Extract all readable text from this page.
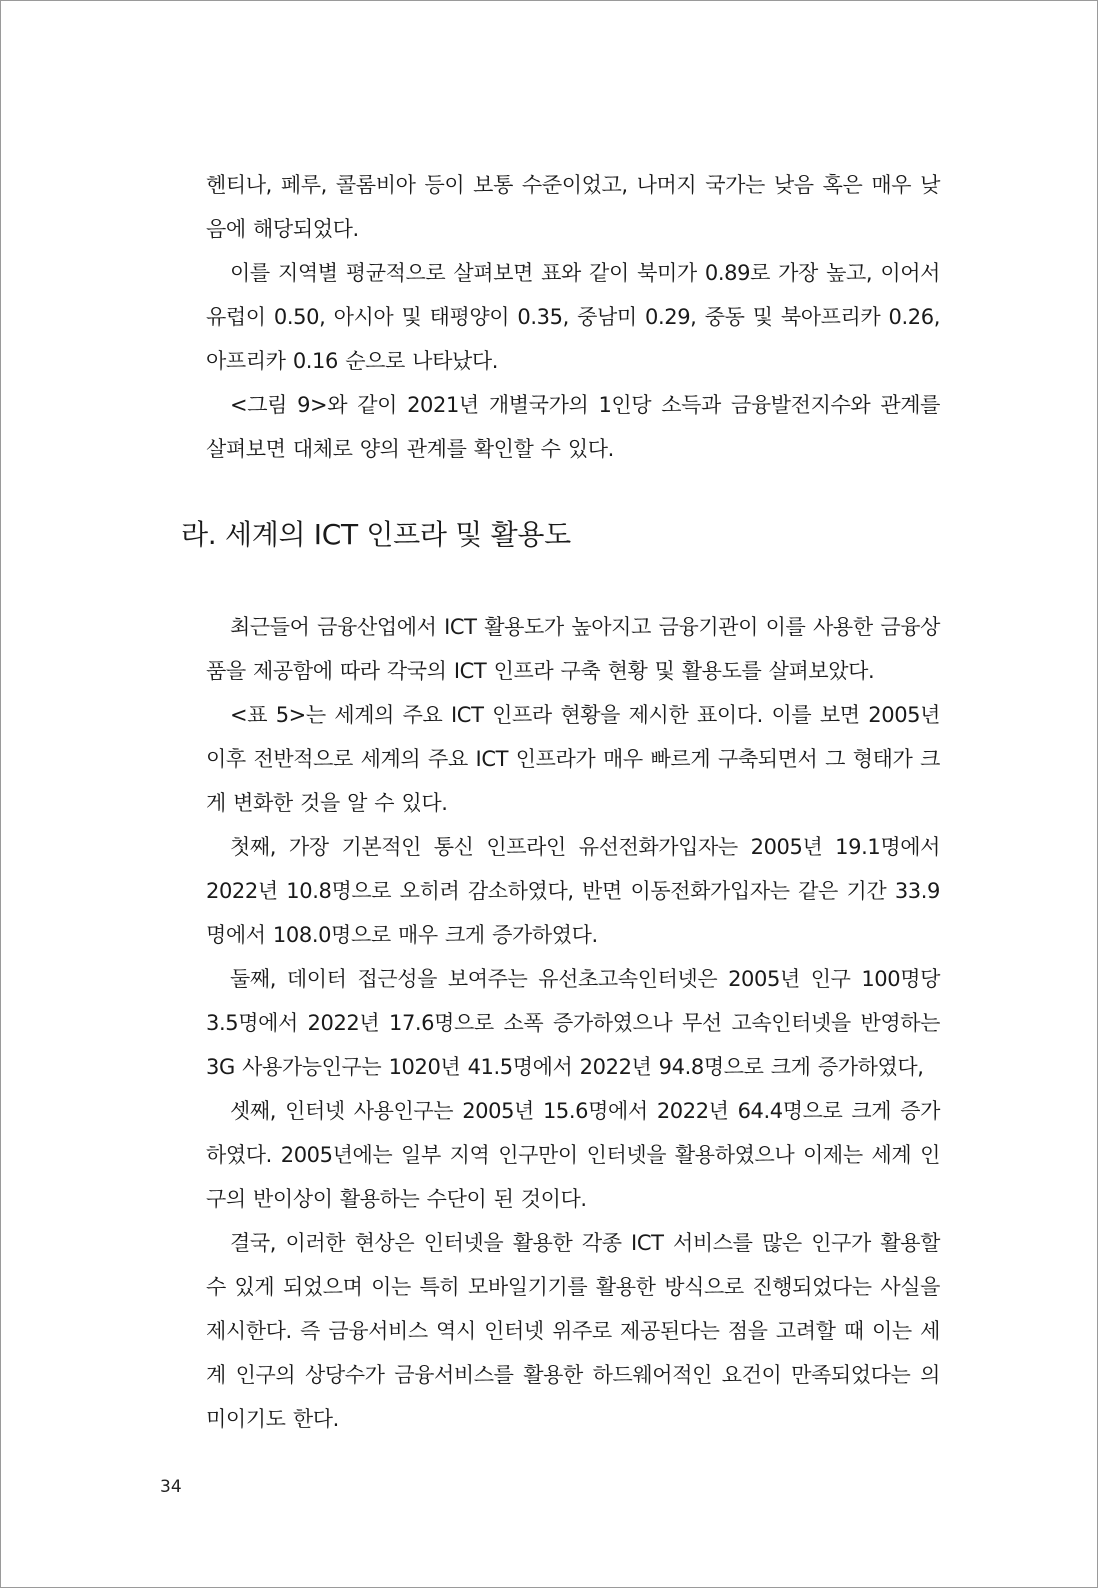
헨티나, 페루, 콜롬비아 등이 보통 수준이었고, 나머지 국가는 낮음 혹은 매우 낮음에 해당되었다.

이를 지역별 평균적으로 살펴보면 표와 같이 북미가 0.89로 가장 높고, 이어서 유럽이 0.50, 아시아 및 태평양이 0.35, 중남미 0.29, 중동 및 북아프리카 0.26, 아프리카 0.16 순으로 나타났다.

<그림 9>와 같이 2021년 개별국가의 1인당 소득과 금융발전지수와 관계를 살펴보면 대체로 양의 관계를 확인할 수 있다.

라. 세계의 ICT 인프라 및 활용도

최근들어 금융산업에서 ICT 활용도가 높아지고 금융기관이 이를 사용한 금융상품을 제공함에 따라 각국의 ICT 인프라 구축 현황 및 활용도를 살펴보았다.

<표 5>는 세계의 주요 ICT 인프라 현황을 제시한 표이다. 이를 보면 2005년 이후 전반적으로 세계의 주요 ICT 인프라가 매우 빠르게 구축되면서 그 형태가 크게 변화한 것을 알 수 있다.

첫째, 가장 기본적인 통신 인프라인 유선전화가입자는 2005년 19.1명에서 2022년 10.8명으로 오히려 감소하였다, 반면 이동전화가입자는 같은 기간 33.9명에서 108.0명으로 매우 크게 증가하였다.

둘째, 데이터 접근성을 보여주는 유선초고속인터넷은 2005년 인구 100명당 3.5명에서 2022년 17.6명으로 소폭 증가하였으나 무선 고속인터넷을 반영하는 3G 사용가능인구는 1020년 41.5명에서 2022년 94.8명으로 크게 증가하였다,

셋째, 인터넷 사용인구는 2005년 15.6명에서 2022년 64.4명으로 크게 증가하였다. 2005년에는 일부 지역 인구만이 인터넷을 활용하였으나 이제는 세계 인구의 반이상이 활용하는 수단이 된 것이다.

결국, 이러한 현상은 인터넷을 활용한 각종 ICT 서비스를 많은 인구가 활용할 수 있게 되었으며 이는 특히 모바일기기를 활용한 방식으로 진행되었다는 사실을 제시한다. 즉 금융서비스 역시 인터넷 위주로 제공된다는 점을 고려할 때 이는 세계 인구의 상당수가 금융서비스를 활용한 하드웨어적인 요건이 만족되었다는 의미이기도 한다.

34
